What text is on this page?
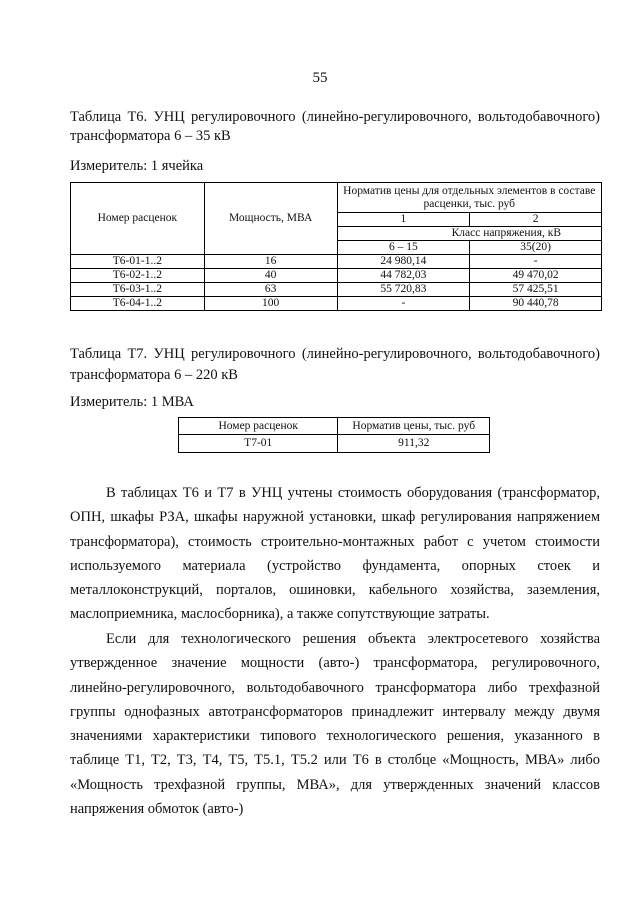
55
Таблица Т6. УНЦ регулировочного (линейно-регулировочного, вольтодобавочного)
трансформатора 6 – 35 кВ
Измеритель: 1 ячейка
Номер расценок	Мощность, МВА	Норматив цены для отдельных элементов в составе расценки, тыс. руб	
		1	2
		Класс напряжения, кВ	
		6 – 15	35(20)
Т6-01-1..2	16	24 980,14	-
Т6-02-1..2	40	44 782,03	49 470,02
Т6-03-1..2	63	55 720,83	57 425,51
Т6-04-1..2	100	-	90 440,78
Таблица Т7. УНЦ регулировочного (линейно-регулировочного, вольтодобавочного)
трансформатора 6 – 220 кВ
Измеритель: 1 МВА
Номер расценок	Норматив цены, тыс. руб
Т7-01	911,32

В таблицах Т6 и Т7 в УНЦ учтены стоимость оборудования (трансформатор, ОПН, шкафы РЗА, шкафы наружной установки, шкаф регулирования напряжением трансформатора), стоимость строительно-монтажных работ с учетом стоимости используемого материала (устройство фундамента, опорных стоек и металлоконструкций, порталов, ошиновки, кабельного хозяйства, заземления, маслоприемника, маслосборника), а также сопутствующие затраты.

Если для технологического решения объекта электросетевого хозяйства утвержденное значение мощности (авто-) трансформатора, регулировочного, линейно-регулировочного, вольтодобавочного трансформатора либо трехфазной группы однофазных автотрансформаторов принадлежит интервалу между двумя значениями характеристики типового технологического решения, указанного в таблице Т1, Т2, Т3, Т4, Т5, Т5.1, Т5.2 или Т6 в столбце «Мощность, МВА» либо «Мощность трехфазной группы, МВА», для утвержденных значений классов напряжения обмоток (авто-)
